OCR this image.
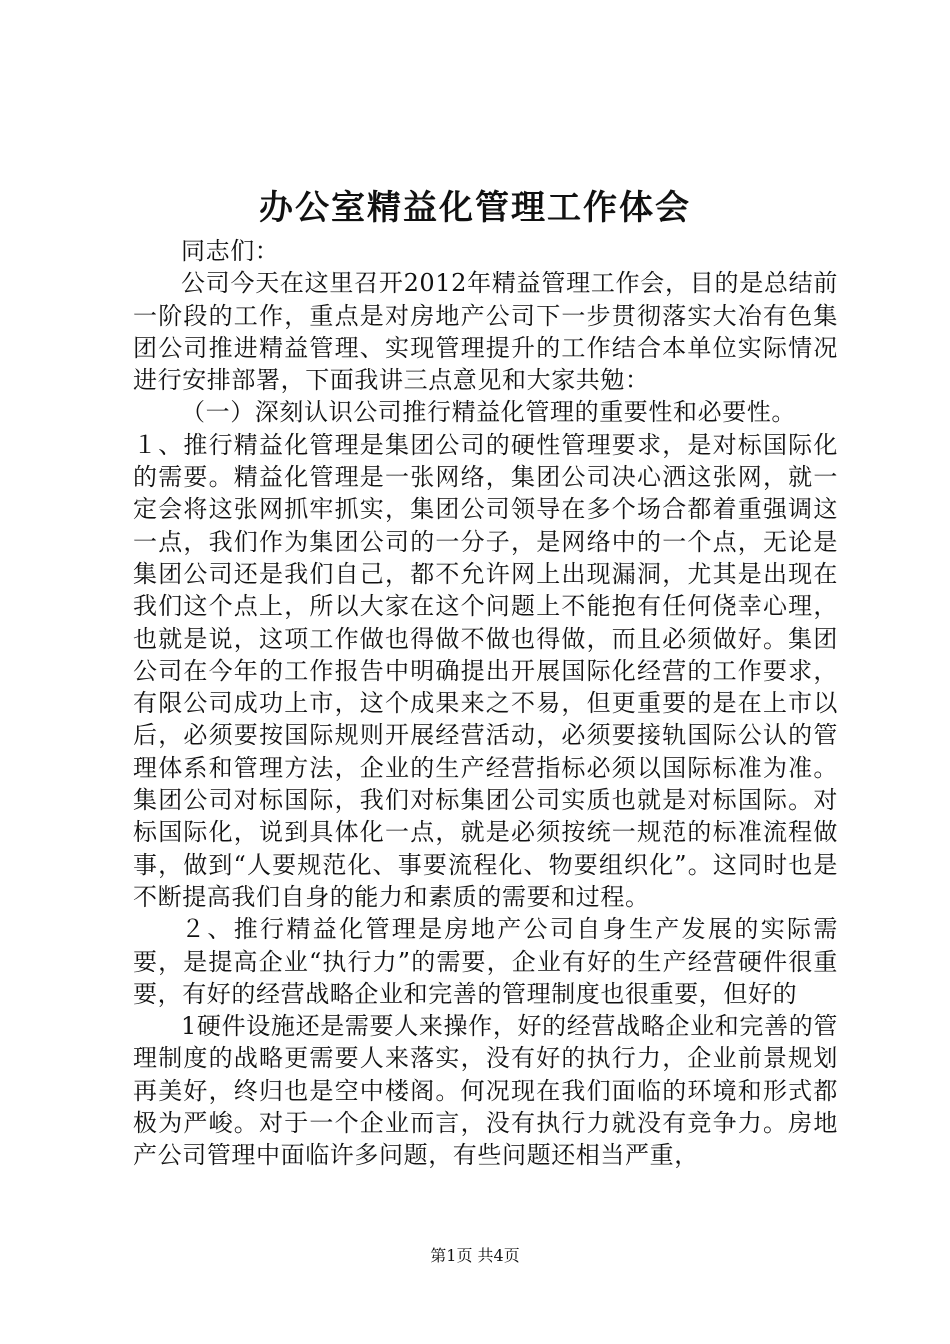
办公室精益化管理工作体会

同志们：

公司今天在这里召开2012年精益管理工作会，目的是总结前一阶段的工作，重点是对房地产公司下一步贯彻落实大冶有色集团公司推进精益管理、实现管理提升的工作结合本单位实际情况进行安排部署，下面我讲三点意见和大家共勉：

（一）深刻认识公司推行精益化管理的重要性和必要性。

１、推行精益化管理是集团公司的硬性管理要求，是对标国际化的需要。精益化管理是一张网络，集团公司决心洒这张网，就一定会将这张网抓牢抓实，集团公司领导在多个场合都着重强调这一点，我们作为集团公司的一分子，是网络中的一个点，无论是集团公司还是我们自己，都不允许网上出现漏洞，尤其是出现在我们这个点上，所以大家在这个问题上不能抱有任何侥幸心理，也就是说，这项工作做也得做不做也得做，而且必须做好。集团公司在今年的工作报告中明确提出开展国际化经营的工作要求，有限公司成功上市，这个成果来之不易，但更重要的是在上市以后，必须要按国际规则开展经营活动，必须要接轨国际公认的管理体系和管理方法，企业的生产经营指标必须以国际标准为准。集团公司对标国际，我们对标集团公司实质也就是对标国际。对标国际化，说到具体化一点，就是必须按统一规范的标准流程做事，做到“人要规范化、事要流程化、物要组织化”。这同时也是不断提高我们自身的能力和素质的需要和过程。

２、推行精益化管理是房地产公司自身生产发展的实际需要，是提高企业“执行力”的需要，企业有好的生产经营硬件很重要，有好的经营战略企业和完善的管理制度也很重要，但好的

1硬件设施还是需要人来操作，好的经营战略企业和完善的管理制度的战略更需要人来落实，没有好的执行力，企业前景规划再美好，终归也是空中楼阁。何况现在我们面临的环境和形式都极为严峻。对于一个企业而言，没有执行力就没有竞争力。房地产公司管理中面临许多问题，有些问题还相当严重，

第1页 共4页
